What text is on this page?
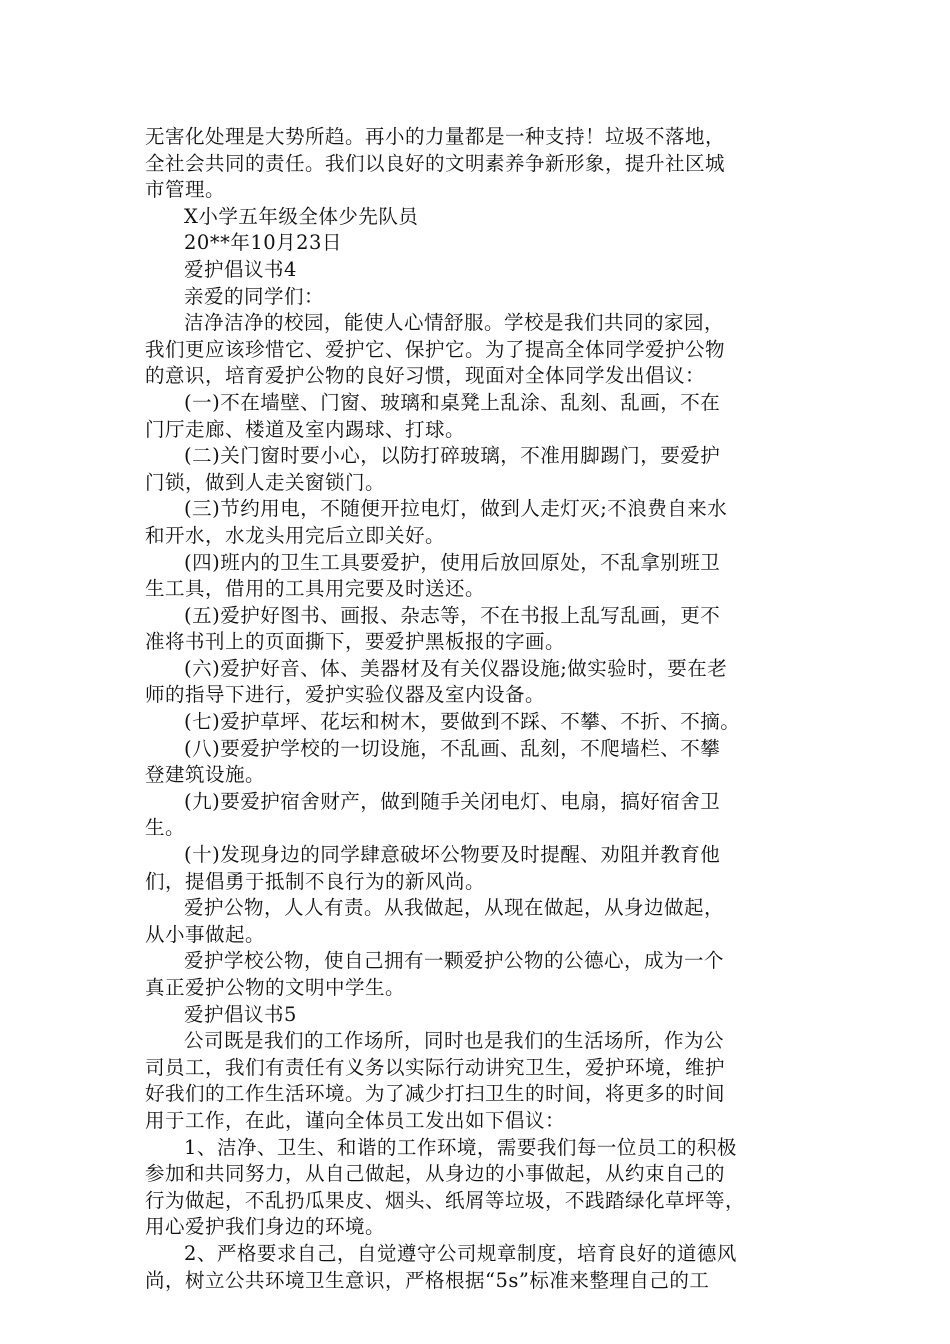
无害化处理是大势所趋。再小的力量都是一种支持！垃圾不落地，
全社会共同的责任。我们以良好的文明素养争新形象，提升社区城
市管理。

X小学五年级全体少先队员

20**年10月23日

爱护倡议书4

亲爱的同学们：

洁净洁净的校园，能使人心情舒服。学校是我们共同的家园，
我们更应该珍惜它、爱护它、保护它。为了提高全体同学爱护公物
的意识，培育爱护公物的良好习惯，现面对全体同学发出倡议：

(一)不在墙壁、门窗、玻璃和桌凳上乱涂、乱刻、乱画，不在
门厅走廊、楼道及室内踢球、打球。

(二)关门窗时要小心，以防打碎玻璃，不准用脚踢门，要爱护
门锁，做到人走关窗锁门。

(三)节约用电，不随便开拉电灯，做到人走灯灭;不浪费自来水
和开水，水龙头用完后立即关好。

(四)班内的卫生工具要爱护，使用后放回原处，不乱拿别班卫
生工具，借用的工具用完要及时送还。

(五)爱护好图书、画报、杂志等，不在书报上乱写乱画，更不
准将书刊上的页面撕下，要爱护黑板报的字画。

(六)爱护好音、体、美器材及有关仪器设施;做实验时，要在老
师的指导下进行，爱护实验仪器及室内设备。

(七)爱护草坪、花坛和树木，要做到不踩、不攀、不折、不摘。

(八)要爱护学校的一切设施，不乱画、乱刻，不爬墙栏、不攀
登建筑设施。

(九)要爱护宿舍财产，做到随手关闭电灯、电扇，搞好宿舍卫
生。

(十)发现身边的同学肆意破坏公物要及时提醒、劝阻并教育他
们，提倡勇于抵制不良行为的新风尚。

爱护公物，人人有责。从我做起，从现在做起，从身边做起，
从小事做起。

爱护学校公物，使自己拥有一颗爱护公物的公德心，成为一个
真正爱护公物的文明中学生。

爱护倡议书5

公司既是我们的工作场所，同时也是我们的生活场所，作为公
司员工，我们有责任有义务以实际行动讲究卫生，爱护环境，维护
好我们的工作生活环境。为了减少打扫卫生的时间，将更多的时间
用于工作，在此，谨向全体员工发出如下倡议：

1、洁净、卫生、和谐的工作环境，需要我们每一位员工的积极
参加和共同努力，从自己做起，从身边的小事做起，从约束自己的
行为做起，不乱扔瓜果皮、烟头、纸屑等垃圾，不践踏绿化草坪等，
用心爱护我们身边的环境。

2、严格要求自己，自觉遵守公司规章制度，培育良好的道德风
尚，树立公共环境卫生意识，严格根据“5s”标准来整理自己的工
